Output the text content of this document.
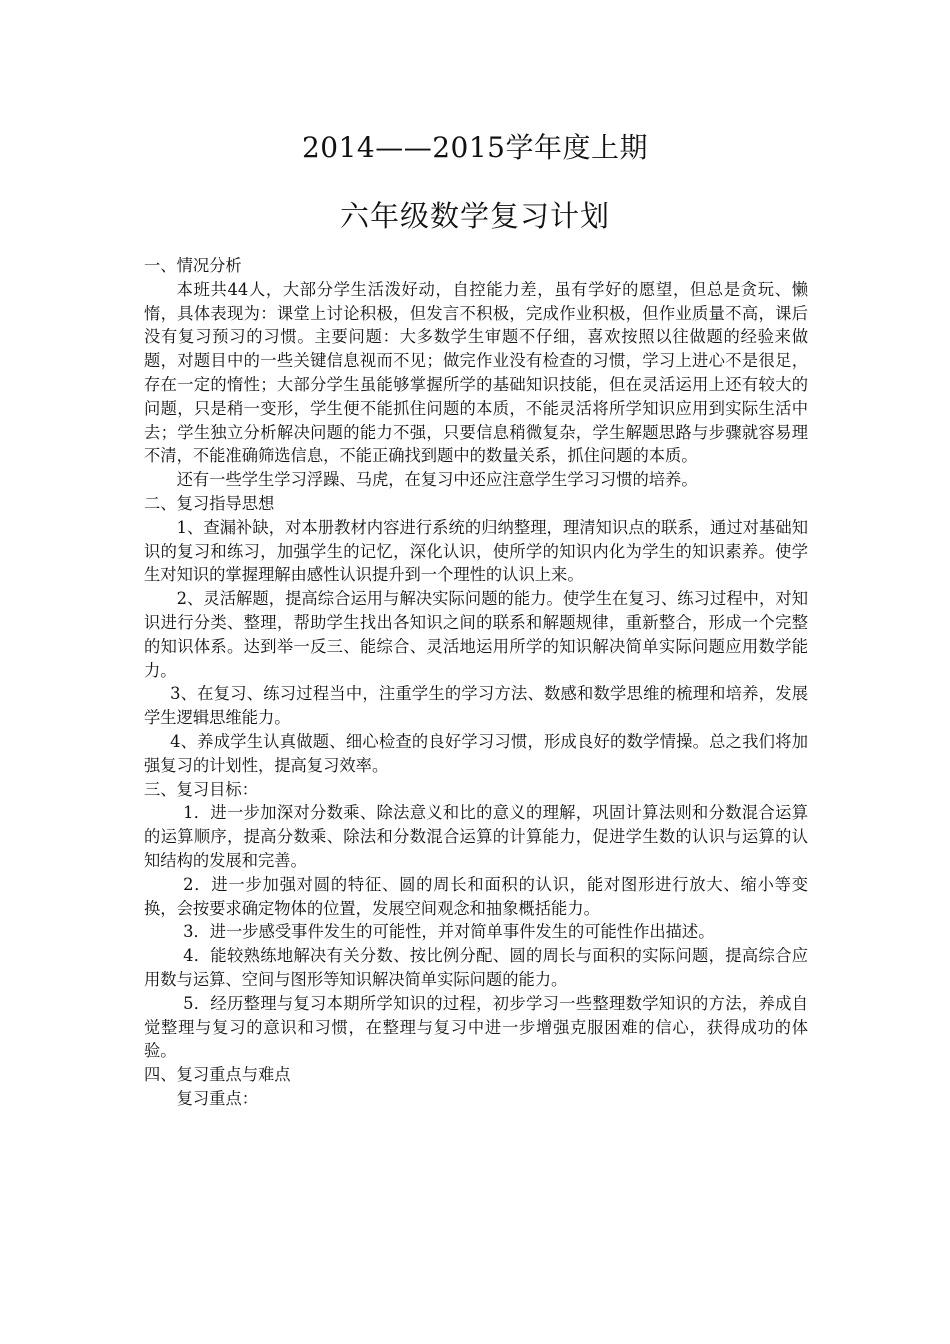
2014——2015学年度上期
六年级数学复习计划

一、情况分析

本班共44人，大部分学生活泼好动，自控能力差，虽有学好的愿望，但总是贪玩、懒惰，具体表现为：课堂上讨论积极，但发言不积极，完成作业积极，但作业质量不高，课后没有复习预习的习惯。主要问题：大多数学生审题不仔细，喜欢按照以往做题的经验来做题，对题目中的一些关键信息视而不见；做完作业没有检查的习惯，学习上进心不是很足，存在一定的惰性；大部分学生虽能够掌握所学的基础知识技能，但在灵活运用上还有较大的问题，只是稍一变形，学生便不能抓住问题的本质，不能灵活将所学知识应用到实际生活中去；学生独立分析解决问题的能力不强，只要信息稍微复杂，学生解题思路与步骤就容易理不清，不能准确筛选信息，不能正确找到题中的数量关系，抓住问题的本质。

还有一些学生学习浮躁、马虎，在复习中还应注意学生学习习惯的培养。

二、复习指导思想

1、查漏补缺，对本册教材内容进行系统的归纳整理，理清知识点的联系，通过对基础知识的复习和练习，加强学生的记忆，深化认识，使所学的知识内化为学生的知识素养。使学生对知识的掌握理解由感性认识提升到一个理性的认识上来。

2、灵活解题，提高综合运用与解决实际问题的能力。使学生在复习、练习过程中，对知识进行分类、整理，帮助学生找出各知识之间的联系和解题规律，重新整合，形成一个完整的知识体系。达到举一反三、能综合、灵活地运用所学的知识解决简单实际问题应用数学能力。

3、在复习、练习过程当中，注重学生的学习方法、数感和数学思维的梳理和培养，发展学生逻辑思维能力。

4、养成学生认真做题、细心检查的良好学习习惯，形成良好的数学情操。总之我们将加强复习的计划性，提高复习效率。

三、复习目标：

1．进一步加深对分数乘、除法意义和比的意义的理解，巩固计算法则和分数混合运算的运算顺序，提高分数乘、除法和分数混合运算的计算能力，促进学生数的认识与运算的认知结构的发展和完善。

2．进一步加强对圆的特征、圆的周长和面积的认识，能对图形进行放大、缩小等变换，会按要求确定物体的位置，发展空间观念和抽象概括能力。

3．进一步感受事件发生的可能性，并对简单事件发生的可能性作出描述。

4．能较熟练地解决有关分数、按比例分配、圆的周长与面积的实际问题，提高综合应用数与运算、空间与图形等知识解决简单实际问题的能力。

5．经历整理与复习本期所学知识的过程，初步学习一些整理数学知识的方法，养成自觉整理与复习的意识和习惯，在整理与复习中进一步增强克服困难的信心，获得成功的体验。

四、复习重点与难点

复习重点：
